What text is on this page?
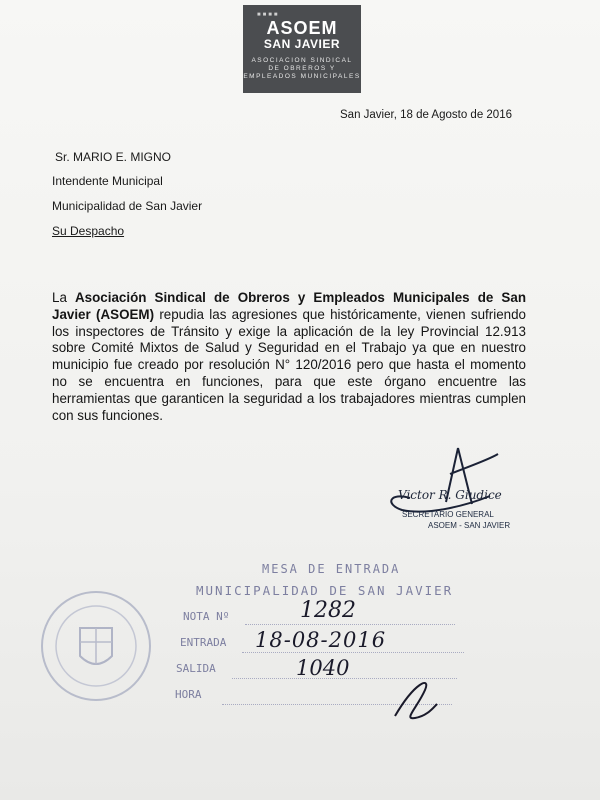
■■■■
ASOEM
SAN JAVIER
ASOCIACION SINDICAL
DE OBREROS Y
EMPLEADOS MUNICIPALES
San Javier, 18 de Agosto de 2016
Sr. MARIO E. MIGNO
Intendente Municipal
Municipalidad de San Javier
Su Despacho
La Asociación Sindical de Obreros y Empleados Municipales de San Javier (ASOEM) repudia las agresiones que históricamente, vienen sufriendo los inspectores de Tránsito y exige la aplicación de la ley Provincial 12.913 sobre Comité Mixtos de Salud y Seguridad en el Trabajo ya que en nuestro municipio fue creado por resolución N° 120/2016 pero que hasta el momento no se encuentra en funciones, para que este órgano encuentre las herramientas que garanticen la seguridad a los trabajadores mientras cumplen con sus funciones.
Victor R. Giudice
SECRETARIO GENERAL
ASOEM - SAN JAVIER
MESA DE ENTRADA
MUNICIPALIDAD DE SAN JAVIER
NOTA Nº	1282
ENTRADA 18-08-2016
SALIDA	1040
HORA
